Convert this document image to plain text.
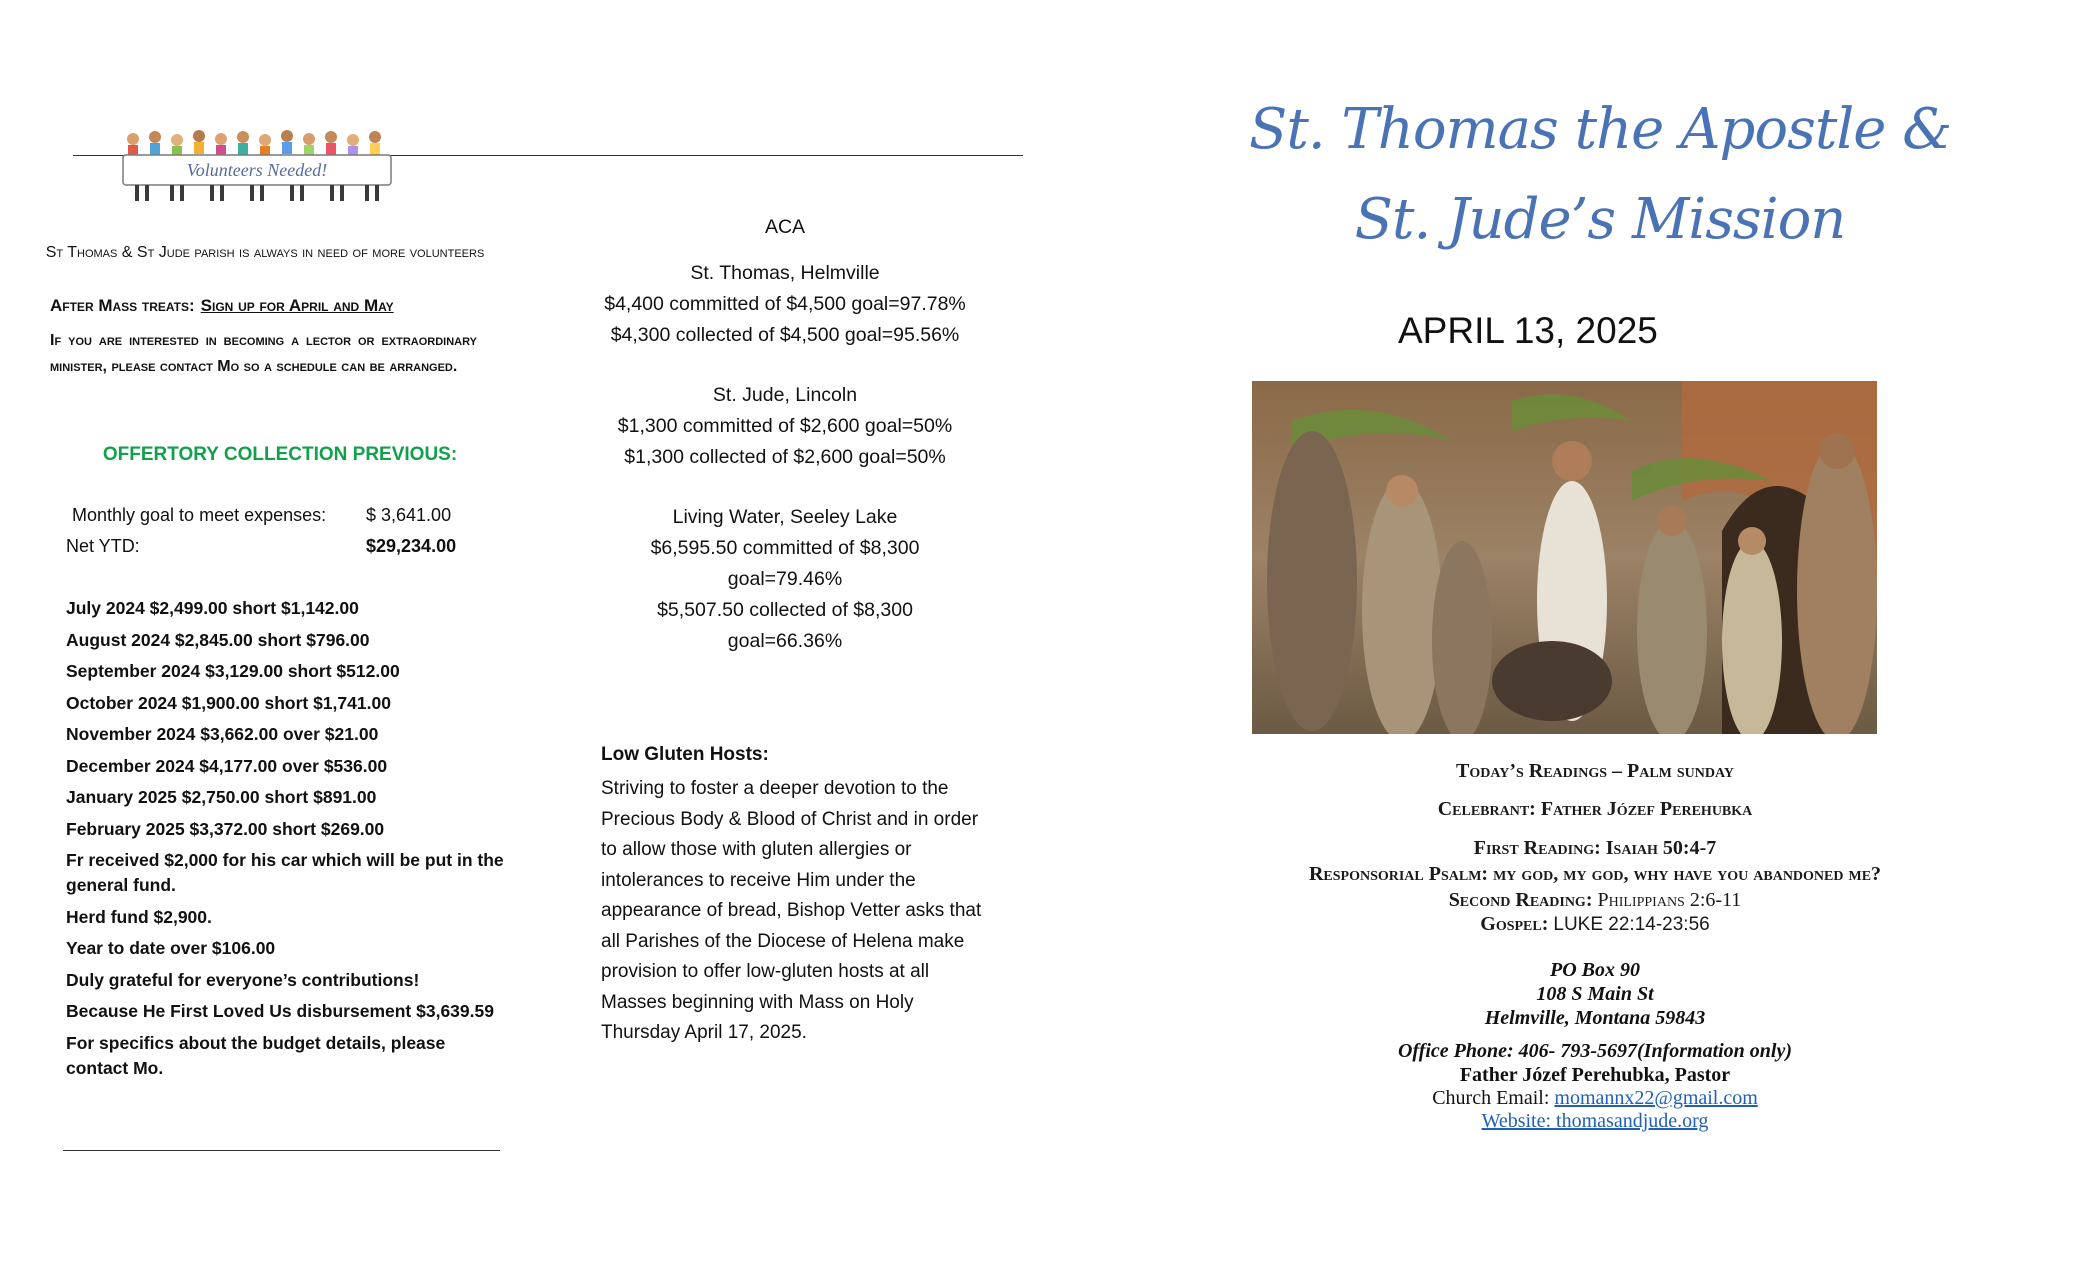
Volunteers Needed!
St Thomas & St Jude parish is always in need of more volunteers
After Mass treats: Sign up for April and May
If you are interested in becoming a lector or extraordinary minister, please contact Mo so a schedule can be arranged.
OFFERTORY COLLECTION PREVIOUS:
Monthly goal to meet expenses: $ 3,641.00
Net YTD:	$29,234.00
July 2024 $2,499.00 short $1,142.00
August 2024 $2,845.00 short $796.00
September 2024 $3,129.00 short $512.00
October 2024 $1,900.00 short $1,741.00
November 2024 $3,662.00 over $21.00
December 2024 $4,177.00 over $536.00
January 2025 $2,750.00 short $891.00
February 2025 $3,372.00 short $269.00
Fr received $2,000 for his car which will be put in the general fund.
Herd fund $2,900.
Year to date over $106.00
Duly grateful for everyone’s contributions!
Because He First Loved Us disbursement $3,639.59
For specifics about the budget details, please contact Mo.
ACA
St. Thomas, Helmville
$4,400 committed of $4,500 goal=97.78%
$4,300 collected of $4,500 goal=95.56%
St. Jude, Lincoln
$1,300 committed of $2,600 goal=50%
$1,300 collected of $2,600 goal=50%
Living Water, Seeley Lake
$6,595.50 committed of $8,300
goal=79.46%
$5,507.50 collected of $8,300
goal=66.36%
Low Gluten Hosts:
Striving to foster a deeper devotion to the Precious Body & Blood of Christ and in order to allow those with gluten allergies or intolerances to receive Him under the appearance of bread, Bishop Vetter asks that all Parishes of the Diocese of Helena make provision to offer low-gluten hosts at all Masses beginning with Mass on Holy Thursday April 17, 2025.
St. Thomas the Apostle &
St. Jude’s Mission
APRIL 13, 2025
Today’s Readings – Palm sunday
Celebrant: Father Józef Perehubka
First Reading: Isaiah 50:4-7
Responsorial Psalm: my god, my god, why have you abandoned me?
Second Reading: Philippians 2:6-11
Gospel: LUKE 22:14-23:56
PO Box 90
108 S Main St
Helmville, Montana 59843
Office Phone: 406- 793-5697(Information only)
Father Józef Perehubka, Pastor
Church Email: momannx22@gmail.com
Website: thomasandjude.org
